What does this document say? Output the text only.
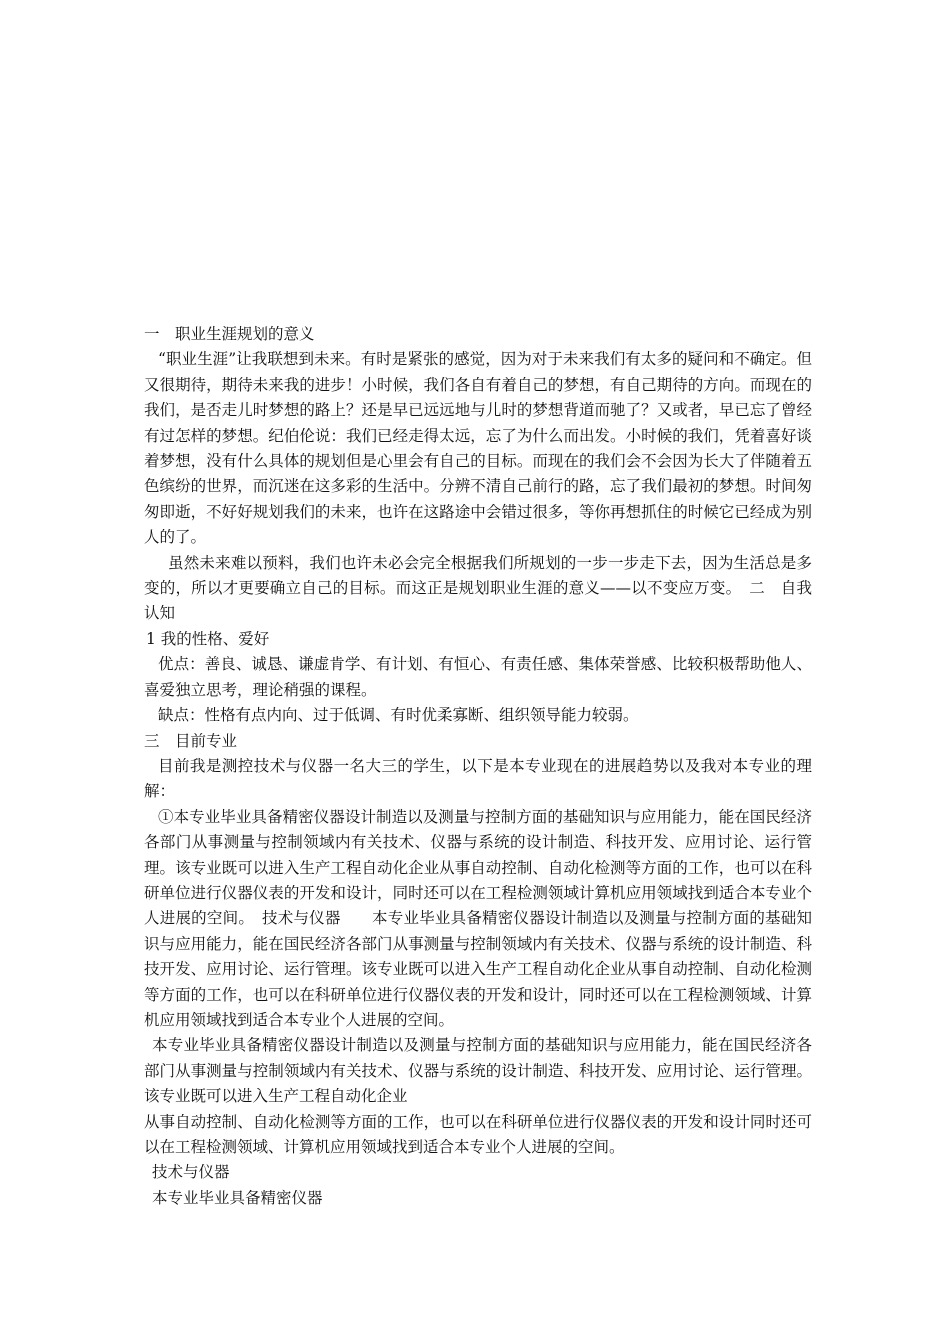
一　职业生涯规划的意义

“职业生涯”让我联想到未来。有时是紧张的感觉，因为对于未来我们有太多的疑问和不确定。但又很期待，期待未来我的进步！小时候，我们各自有着自己的梦想，有自己期待的方向。而现在的我们，是否走儿时梦想的路上？还是早已远远地与儿时的梦想背道而驰了？又或者，早已忘了曾经有过怎样的梦想。纪伯伦说：我们已经走得太远，忘了为什么而出发。小时候的我们，凭着喜好谈着梦想，没有什么具体的规划但是心里会有自己的目标。而现在的我们会不会因为长大了伴随着五色缤纷的世界，而沉迷在这多彩的生活中。分辨不清自己前行的路，忘了我们最初的梦想。时间匆匆即逝，不好好规划我们的未来，也许在这路途中会错过很多，等你再想抓住的时候它已经成为别人的了。

虽然未来难以预料，我们也许未必会完全根据我们所规划的一步一步走下去，因为生活总是多变的，所以才更要确立自己的目标。而这正是规划职业生涯的意义——以不变应万变。　二　自我认知

1 我的性格、爱好

优点：善良、诚恳、谦虚肯学、有计划、有恒心、有责任感、集体荣誉感、比较积极帮助他人、喜爱独立思考，理论稍强的课程。

缺点：性格有点内向、过于低调、有时优柔寡断、组织领导能力较弱。

三　目前专业

目前我是测控技术与仪器一名大三的学生，以下是本专业现在的进展趋势以及我对本专业的理解：

①本专业毕业具备精密仪器设计制造以及测量与控制方面的基础知识与应用能力，能在国民经济各部门从事测量与控制领域内有关技术、仪器与系统的设计制造、科技开发、应用讨论、运行管理。该专业既可以进入生产工程自动化企业从事自动控制、自动化检测等方面的工作，也可以在科研单位进行仪器仪表的开发和设计，同时还可以在工程检测领域计算机应用领域找到适合本专业个人进展的空间。　技术与仪器　　本专业毕业具备精密仪器设计制造以及测量与控制方面的基础知识与应用能力，能在国民经济各部门从事测量与控制领域内有关技术、仪器与系统的设计制造、科技开发、应用讨论、运行管理。该专业既可以进入生产工程自动化企业从事自动控制、自动化检测等方面的工作，也可以在科研单位进行仪器仪表的开发和设计，同时还可以在工程检测领域、计算机应用领域找到适合本专业个人进展的空间。

本专业毕业具备精密仪器设计制造以及测量与控制方面的基础知识与应用能力，能在国民经济各部门从事测量与控制领域内有关技术、仪器与系统的设计制造、科技开发、应用讨论、运行管理。该专业既可以进入生产工程自动化企业

从事自动控制、自动化检测等方面的工作，也可以在科研单位进行仪器仪表的开发和设计同时还可以在工程检测领域、计算机应用领域找到适合本专业个人进展的空间。

技术与仪器

本专业毕业具备精密仪器
